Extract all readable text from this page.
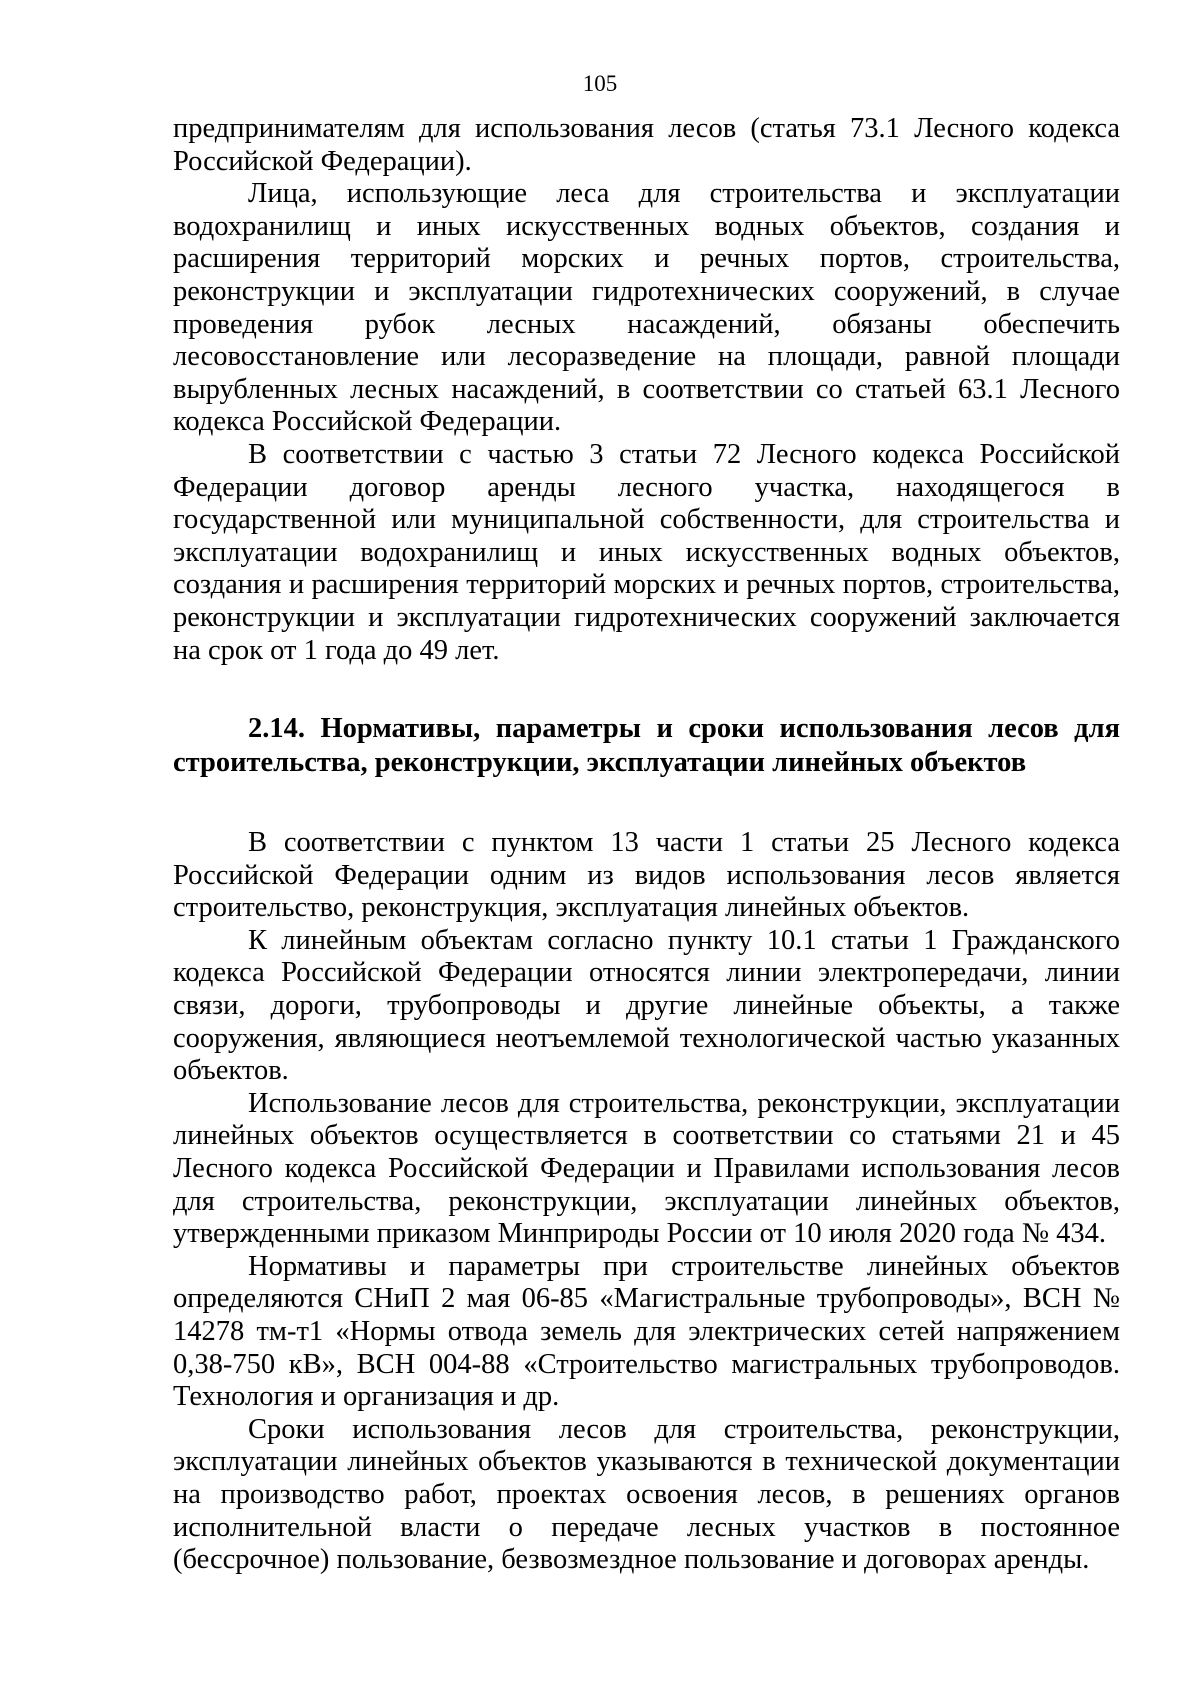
105

предпринимателям для использования лесов (статья 73.1 Лесного кодекса Российской Федерации).

Лица, использующие леса для строительства и эксплуатации водохранилищ и иных искусственных водных объектов, создания и расширения территорий морских и речных портов, строительства, реконструкции и эксплуатации гидротехнических сооружений, в случае проведения рубок лесных насаждений, обязаны обеспечить лесовосстановление или лесоразведение на площади, равной площади вырубленных лесных насаждений, в соответствии со статьей 63.1 Лесного кодекса Российской Федерации.

В соответствии с частью 3 статьи 72 Лесного кодекса Российской Федерации договор аренды лесного участка, находящегося в государственной или муниципальной собственности, для строительства и эксплуатации водохранилищ и иных искусственных водных объектов, создания и расширения территорий морских и речных портов, строительства, реконструкции и эксплуатации гидротехнических сооружений заключается на срок от 1 года до 49 лет.

2.14. Нормативы, параметры и сроки использования лесов для строительства, реконструкции, эксплуатации линейных объектов

В соответствии с пунктом 13 части 1 статьи 25 Лесного кодекса Российской Федерации одним из видов использования лесов является строительство, реконструкция, эксплуатация линейных объектов.

К линейным объектам согласно пункту 10.1 статьи 1 Гражданского кодекса Российской Федерации относятся линии электропередачи, линии связи, дороги, трубопроводы и другие линейные объекты, а также сооружения, являющиеся неотъемлемой технологической частью указанных объектов.

Использование лесов для строительства, реконструкции, эксплуатации линейных объектов осуществляется в соответствии со статьями 21 и 45 Лесного кодекса Российской Федерации и Правилами использования лесов для строительства, реконструкции, эксплуатации линейных объектов, утвержденными приказом Минприроды России от 10 июля 2020 года № 434.

Нормативы и параметры при строительстве линейных объектов определяются СНиП 2 мая 06-85 «Магистральные трубопроводы», ВСН № 14278 тм-т1 «Нормы отвода земель для электрических сетей напряжением 0,38-750 кВ», ВСН 004-88 «Строительство магистральных трубопроводов. Технология и организация и др.

Сроки использования лесов для строительства, реконструкции, эксплуатации линейных объектов указываются в технической документации на производство работ, проектах освоения лесов, в решениях органов исполнительной власти о передаче лесных участков в постоянное (бессрочное) пользование, безвозмездное пользование и договорах аренды.
